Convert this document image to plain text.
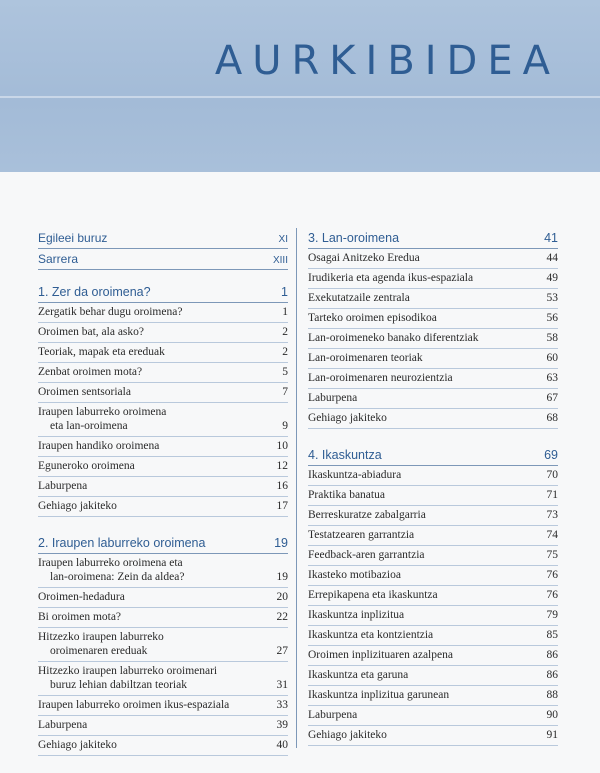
AURKIBIDEA
Egileei buruz	XI
Sarrera	XIII
1. Zer da oroimena?	1
Zergatik behar dugu oroimena?	1
Oroimen bat, ala asko?	2
Teoriak, mapak eta ereduak	2
Zenbat oroimen mota?	5
Oroimen sentsoriala	7
Iraupen laburreko oroimena
eta lan-oroimena	9
Iraupen handiko oroimena	10
Eguneroko oroimena	12
Laburpena	16
Gehiago jakiteko	17
2. Iraupen laburreko oroimena	19
Iraupen laburreko oroimena eta
lan-oroimena: Zein da aldea?	19
Oroimen-hedadura	20
Bi oroimen mota?	22
Hitzezko iraupen laburreko
oroimenaren ereduak	27
Hitzezko iraupen laburreko oroimenari
buruz lehian dabiltzan teoriak	31
Iraupen laburreko oroimen ikus-espaziala	33
Laburpena	39
Gehiago jakiteko	40
3. Lan-oroimena	41
Osagai Anitzeko Eredua	44
Irudikeria eta agenda ikus-espaziala	49
Exekutatzaile zentrala	53
Tarteko oroimen episodikoa	56
Lan-oroimeneko banako diferentziak	58
Lan-oroimenaren teoriak	60
Lan-oroimenaren neurozientzia	63
Laburpena	67
Gehiago jakiteko	68
4. Ikaskuntza	69
Ikaskuntza-abiadura	70
Praktika banatua	71
Berreskuratze zabalgarria	73
Testatzearen garrantzia	74
Feedback-aren garrantzia	75
Ikasteko motibazioa	76
Errepikapena eta ikaskuntza	76
Ikaskuntza inplizitua	79
Ikaskuntza eta kontzientzia	85
Oroimen inplizituaren azalpena	86
Ikaskuntza eta garuna	86
Ikaskuntza inplizitua garunean	88
Laburpena	90
Gehiago jakiteko	91
